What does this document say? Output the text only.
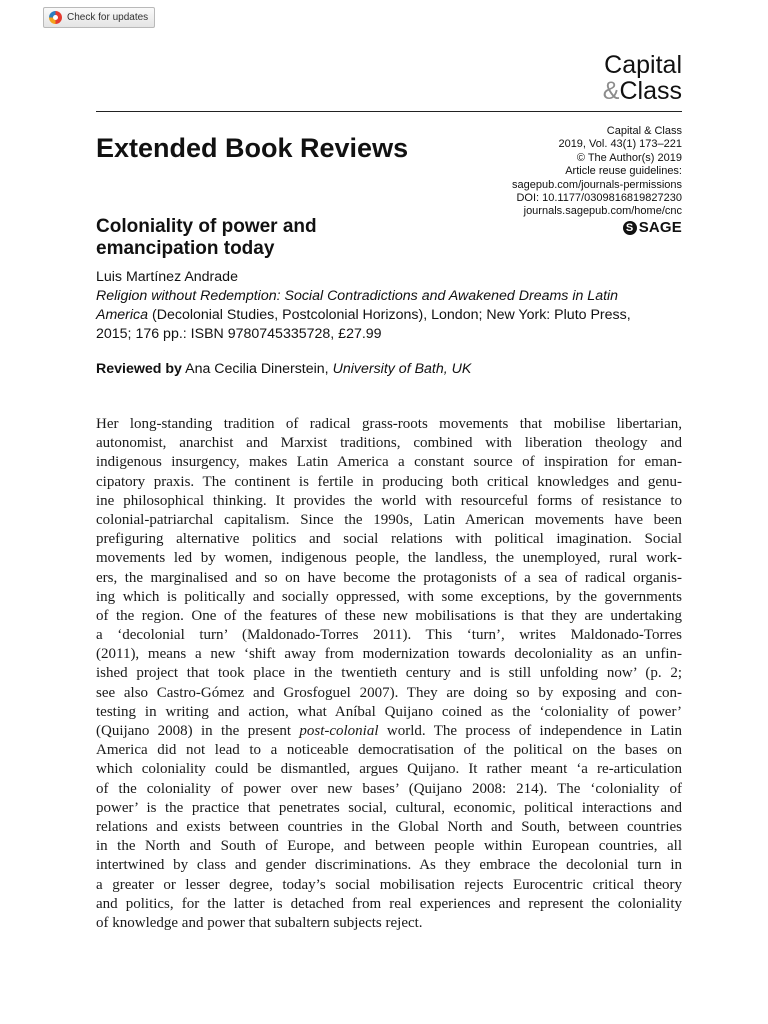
Check for updates
Capital
&Class
Extended Book Reviews
Capital & Class
2019, Vol. 43(1) 173–221
© The Author(s) 2019
Article reuse guidelines:
sagepub.com/journals-permissions
DOI: 10.1177/0309816819827230
journals.sagepub.com/home/cnc
S SAGE
Coloniality of power and
emancipation today
Luis Martínez Andrade
Religion without Redemption: Social Contradictions and Awakened Dreams in Latin
America (Decolonial Studies, Postcolonial Horizons), London; New York: Pluto Press,
2015; 176 pp.: ISBN 9780745335728, £27.99
Reviewed by Ana Cecilia Dinerstein, University of Bath, UK
Her long-standing tradition of radical grass-roots movements that mobilise libertarian,
autonomist, anarchist and Marxist traditions, combined with liberation theology and
indigenous insurgency, makes Latin America a constant source of inspiration for eman-
cipatory praxis. The continent is fertile in producing both critical knowledges and genu-
ine philosophical thinking. It provides the world with resourceful forms of resistance to
colonial-patriarchal capitalism. Since the 1990s, Latin American movements have been
prefiguring alternative politics and social relations with political imagination. Social
movements led by women, indigenous people, the landless, the unemployed, rural work-
ers, the marginalised and so on have become the protagonists of a sea of radical organis-
ing which is politically and socially oppressed, with some exceptions, by the governments
of the region. One of the features of these new mobilisations is that they are undertaking
a ‘decolonial turn’ (Maldonado-Torres 2011). This ‘turn’, writes Maldonado-Torres
(2011), means a new ‘shift away from modernization towards decoloniality as an unfin-
ished project that took place in the twentieth century and is still unfolding now’ (p. 2;
see also Castro-Gómez and Grosfoguel 2007). They are doing so by exposing and con-
testing in writing and action, what Aníbal Quijano coined as the ‘coloniality of power’
(Quijano 2008) in the present post-colonial world. The process of independence in Latin
America did not lead to a noticeable democratisation of the political on the bases on
which coloniality could be dismantled, argues Quijano. It rather meant ‘a re-articulation
of the coloniality of power over new bases’ (Quijano 2008: 214). The ‘coloniality of
power’ is the practice that penetrates social, cultural, economic, political interactions and
relations and exists between countries in the Global North and South, between countries
in the North and South of Europe, and between people within European countries, all
intertwined by class and gender discriminations. As they embrace the decolonial turn in
a greater or lesser degree, today’s social mobilisation rejects Eurocentric critical theory
and politics, for the latter is detached from real experiences and represent the coloniality
of knowledge and power that subaltern subjects reject.
